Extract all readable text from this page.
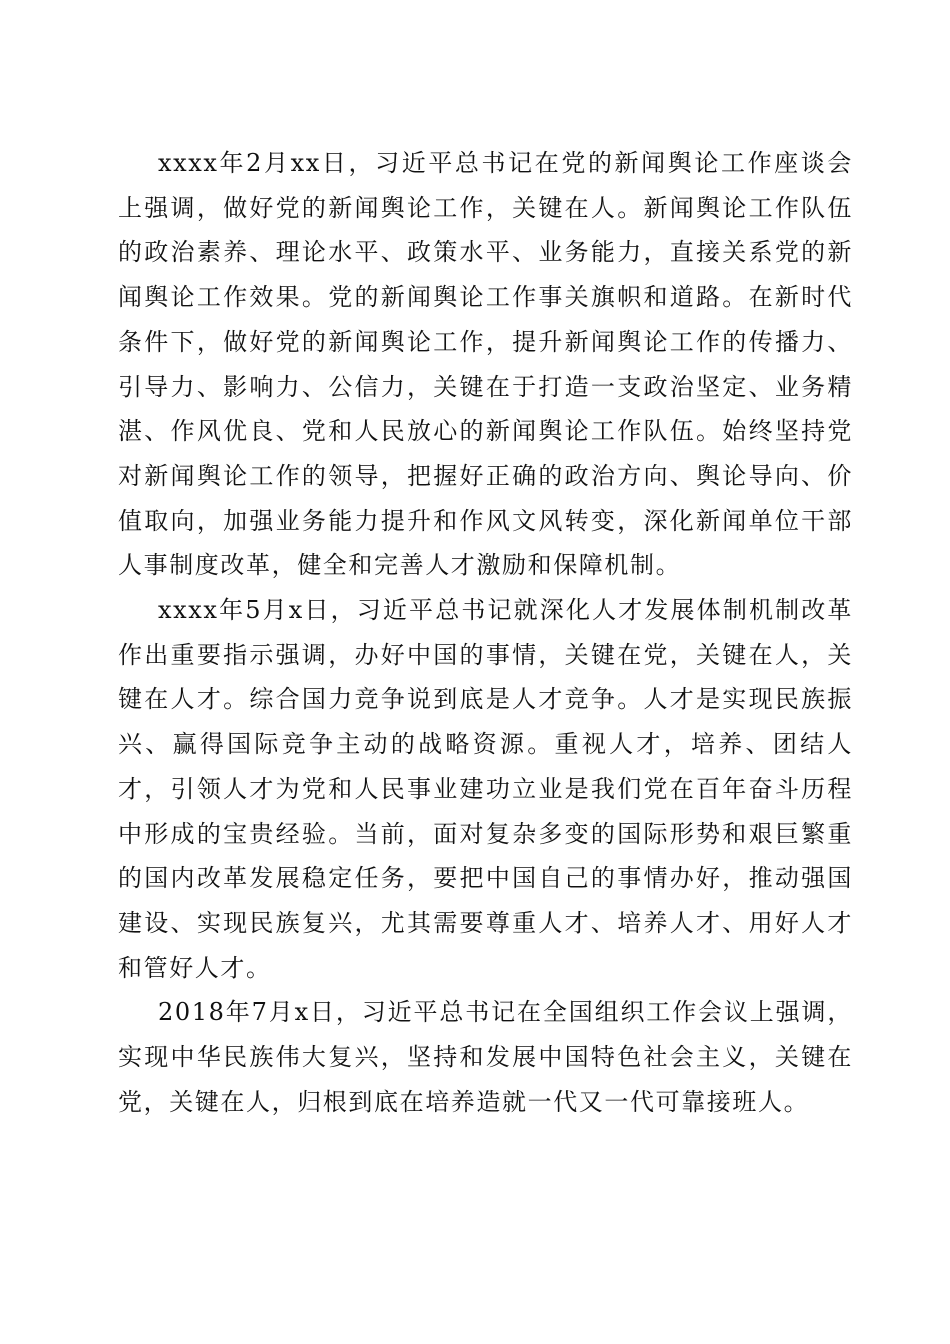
xxxx年2月xx日，习近平总书记在党的新闻舆论工作座谈会上强调，做好党的新闻舆论工作，关键在人。新闻舆论工作队伍的政治素养、理论水平、政策水平、业务能力，直接关系党的新闻舆论工作效果。党的新闻舆论工作事关旗帜和道路。在新时代条件下，做好党的新闻舆论工作，提升新闻舆论工作的传播力、引导力、影响力、公信力，关键在于打造一支政治坚定、业务精湛、作风优良、党和人民放心的新闻舆论工作队伍。始终坚持党对新闻舆论工作的领导，把握好正确的政治方向、舆论导向、价值取向，加强业务能力提升和作风文风转变，深化新闻单位干部人事制度改革，健全和完善人才激励和保障机制。

xxxx年5月x日，习近平总书记就深化人才发展体制机制改革作出重要指示强调，办好中国的事情，关键在党，关键在人，关键在人才。综合国力竞争说到底是人才竞争。人才是实现民族振兴、赢得国际竞争主动的战略资源。重视人才，培养、团结人才，引领人才为党和人民事业建功立业是我们党在百年奋斗历程中形成的宝贵经验。当前，面对复杂多变的国际形势和艰巨繁重的国内改革发展稳定任务，要把中国自己的事情办好，推动强国建设、实现民族复兴，尤其需要尊重人才、培养人才、用好人才和管好人才。

2018年7月x日，习近平总书记在全国组织工作会议上强调，实现中华民族伟大复兴，坚持和发展中国特色社会主义，关键在党，关键在人，归根到底在培养造就一代又一代可靠接班人。
